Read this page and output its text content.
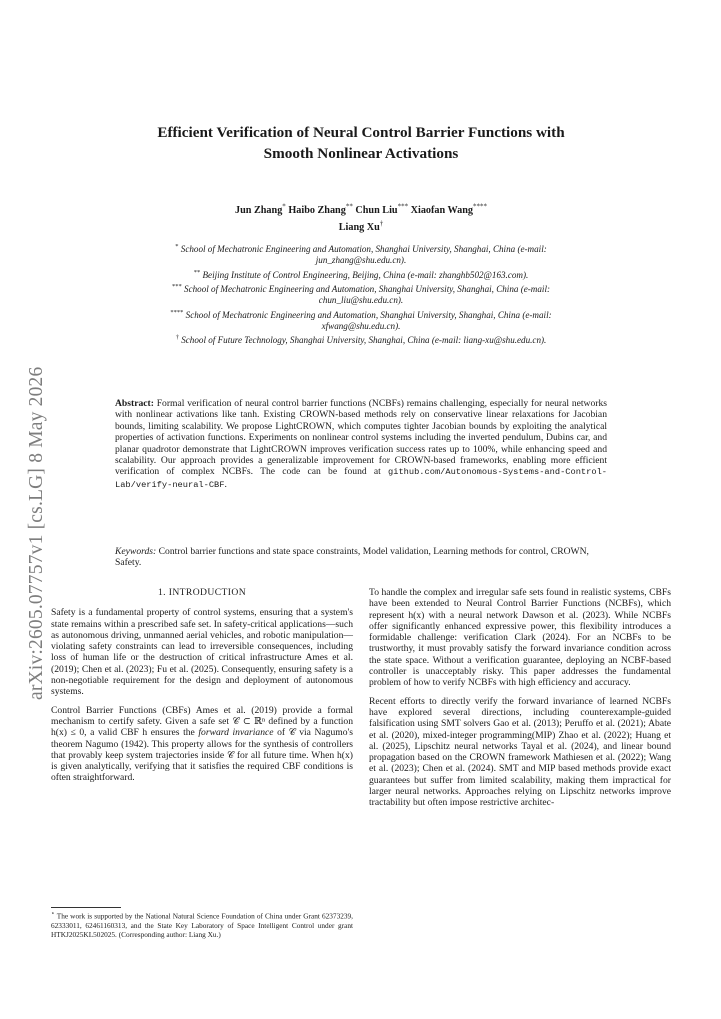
arXiv:2605.07757v1 [cs.LG] 8 May 2026
Efficient Verification of Neural Control Barrier Functions with Smooth Nonlinear Activations
Jun Zhang* Haibo Zhang** Chun Liu*** Xiaofan Wang****
Liang Xu†

* School of Mechatronic Engineering and Automation, Shanghai University, Shanghai, China (e-mail: jun_zhang@shu.edu.cn).

** Beijing Institute of Control Engineering, Beijing, China (e-mail: zhanghb502@163.com).

*** School of Mechatronic Engineering and Automation, Shanghai University, Shanghai, China (e-mail: chun_liu@shu.edu.cn).

**** School of Mechatronic Engineering and Automation, Shanghai University, Shanghai, China (e-mail: xfwang@shu.edu.cn).

† School of Future Technology, Shanghai University, Shanghai, China (e-mail: liang-xu@shu.edu.cn).

Abstract: Formal verification of neural control barrier functions (NCBFs) remains challenging, especially for neural networks with nonlinear activations like tanh. Existing CROWN-based methods rely on conservative linear relaxations for Jacobian bounds, limiting scalability. We propose LightCROWN, which computes tighter Jacobian bounds by exploiting the analytical properties of activation functions. Experiments on nonlinear control systems including the inverted pendulum, Dubins car, and planar quadrotor demonstrate that LightCROWN improves verification success rates up to 100%, while enhancing speed and scalability. Our approach provides a generalizable improvement for CROWN-based frameworks, enabling more efficient verification of complex NCBFs. The code can be found at github.com/Autonomous-Systems-and-Control-Lab/verify-neural-CBF.

Keywords: Control barrier functions and state space constraints, Model validation, Learning methods for control, CROWN, Safety.

1. INTRODUCTION

Safety is a fundamental property of control systems, ensuring that a system's state remains within a prescribed safe set. In safety-critical applications—such as autonomous driving, unmanned aerial vehicles, and robotic manipulation—violating safety constraints can lead to irreversible consequences, including loss of human life or the destruction of critical infrastructure Ames et al. (2019); Chen et al. (2023); Fu et al. (2025). Consequently, ensuring safety is a non-negotiable requirement for the design and deployment of autonomous systems.

Control Barrier Functions (CBFs) Ames et al. (2019) provide a formal mechanism to certify safety. Given a safe set 𝒞 ⊂ ℝⁿ defined by a function h(x) ≤ 0, a valid CBF h ensures the forward invariance of 𝒞 via Nagumo's theorem Nagumo (1942). This property allows for the synthesis of controllers that provably keep system trajectories inside 𝒞 for all future time. When h(x) is given analytically, verifying that it satisfies the required CBF conditions is often straightforward.

⋆ The work is supported by the National Natural Science Foundation of China under Grant 62373239, 62333011, 62461160313, and the State Key Laboratory of Space Intelligent Control under grant HTKJ2025KL502025. (Corresponding author: Liang Xu.)

To handle the complex and irregular safe sets found in realistic systems, CBFs have been extended to Neural Control Barrier Functions (NCBFs), which represent h(x) with a neural network Dawson et al. (2023). While NCBFs offer significantly enhanced expressive power, this flexibility introduces a formidable challenge: verification Clark (2024). For an NCBFs to be trustworthy, it must provably satisfy the forward invariance condition across the state space. Without a verification guarantee, deploying an NCBF-based controller is unacceptably risky. This paper addresses the fundamental problem of how to verify NCBFs with high efficiency and accuracy.

Recent efforts to directly verify the forward invariance of learned NCBFs have explored several directions, including counterexample-guided falsification using SMT solvers Gao et al. (2013); Peruffo et al. (2021); Abate et al. (2020), mixed-integer programming(MIP) Zhao et al. (2022); Huang et al. (2025), Lipschitz neural networks Tayal et al. (2024), and linear bound propagation based on the CROWN framework Mathiesen et al. (2022); Wang et al. (2023); Chen et al. (2024). SMT and MIP based methods provide exact guarantees but suffer from limited scalability, making them impractical for larger neural networks. Approaches relying on Lipschitz networks improve tractability but often impose restrictive architec-
